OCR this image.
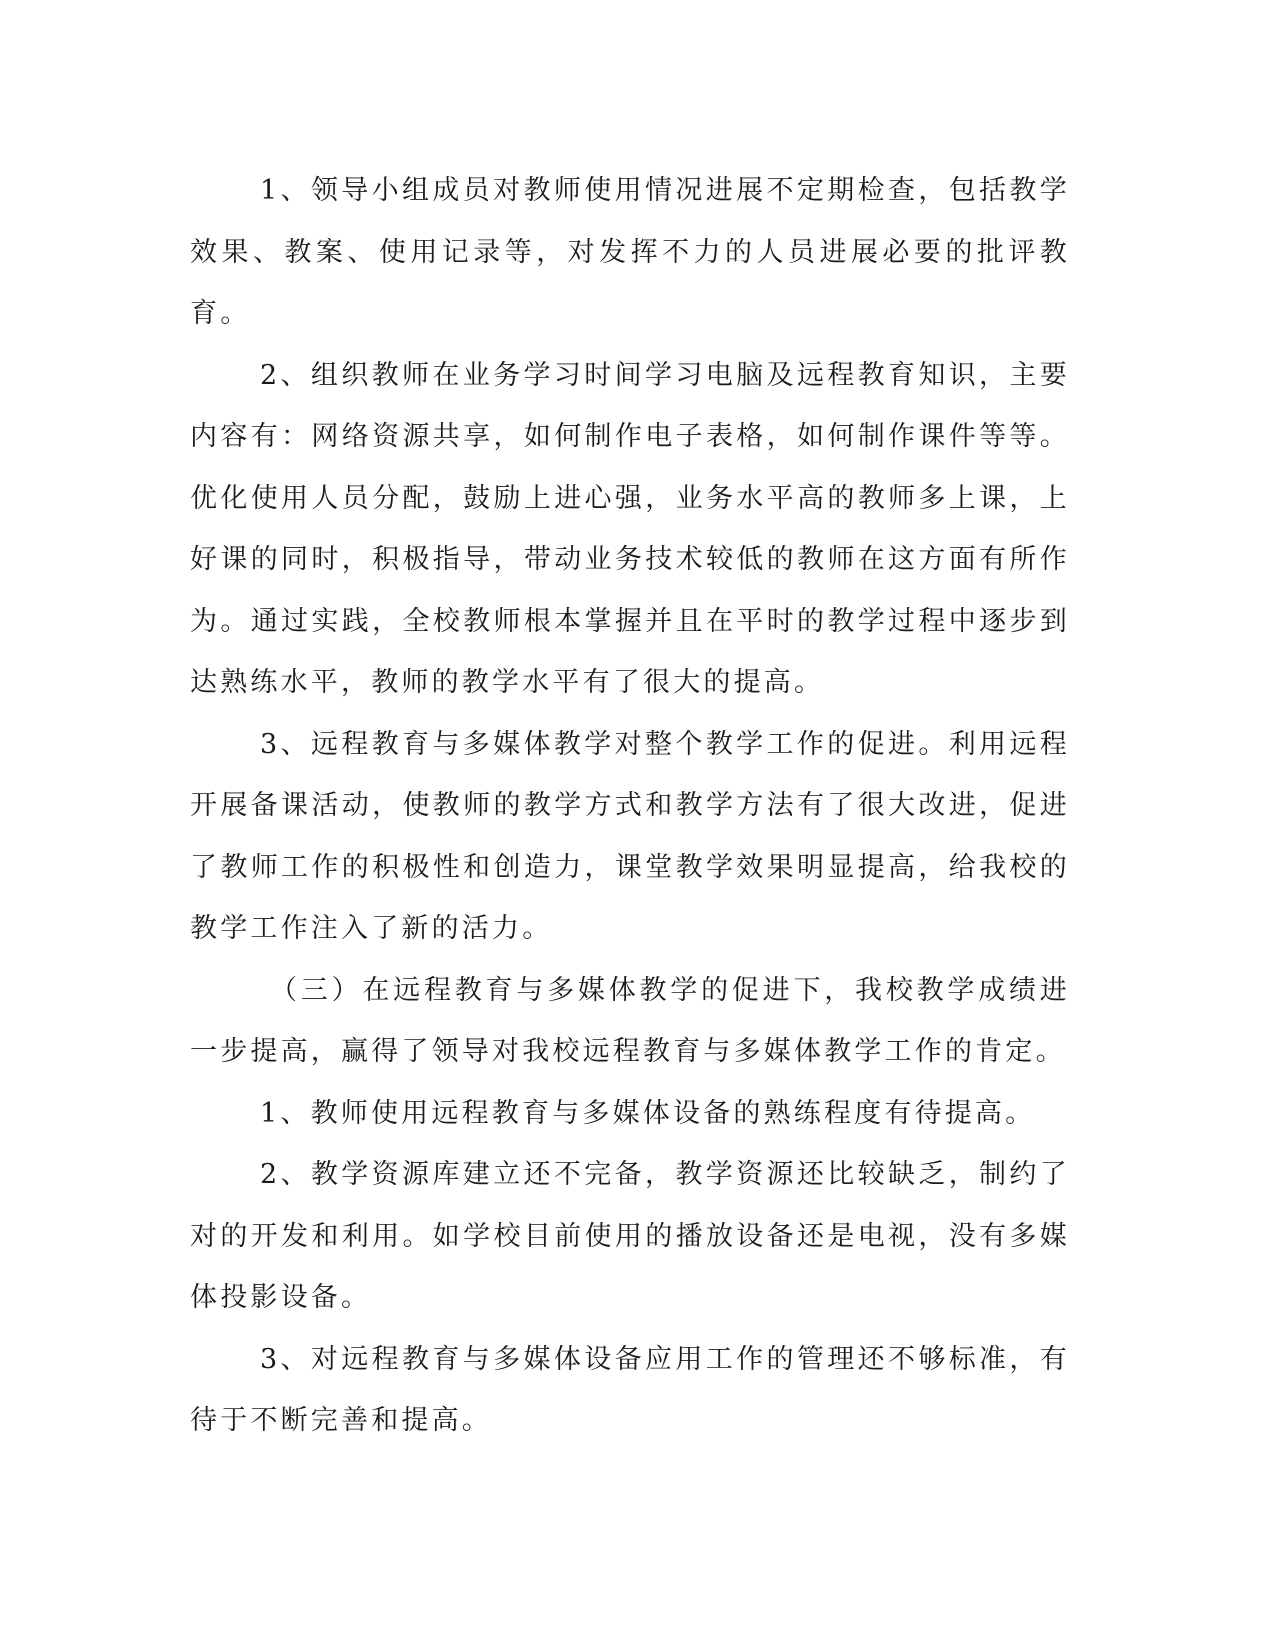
1、领导小组成员对教师使用情况进展不定期检查，包括教学效果、教案、使用记录等，对发挥不力的人员进展必要的批评教育。

2、组织教师在业务学习时间学习电脑及远程教育知识，主要内容有：网络资源共享，如何制作电子表格，如何制作课件等等。优化使用人员分配，鼓励上进心强，业务水平高的教师多上课，上好课的同时，积极指导，带动业务技术较低的教师在这方面有所作为。通过实践，全校教师根本掌握并且在平时的教学过程中逐步到达熟练水平，教师的教学水平有了很大的提高。

3、远程教育与多媒体教学对整个教学工作的促进。利用远程开展备课活动，使教师的教学方式和教学方法有了很大改进，促进了教师工作的积极性和创造力，课堂教学效果明显提高，给我校的教学工作注入了新的活力。

（三）在远程教育与多媒体教学的促进下，我校教学成绩进一步提高，赢得了领导对我校远程教育与多媒体教学工作的肯定。

1、教师使用远程教育与多媒体设备的熟练程度有待提高。

2、教学资源库建立还不完备，教学资源还比较缺乏，制约了对的开发和利用。如学校目前使用的播放设备还是电视，没有多媒体投影设备。

3、对远程教育与多媒体设备应用工作的管理还不够标准，有待于不断完善和提高。
